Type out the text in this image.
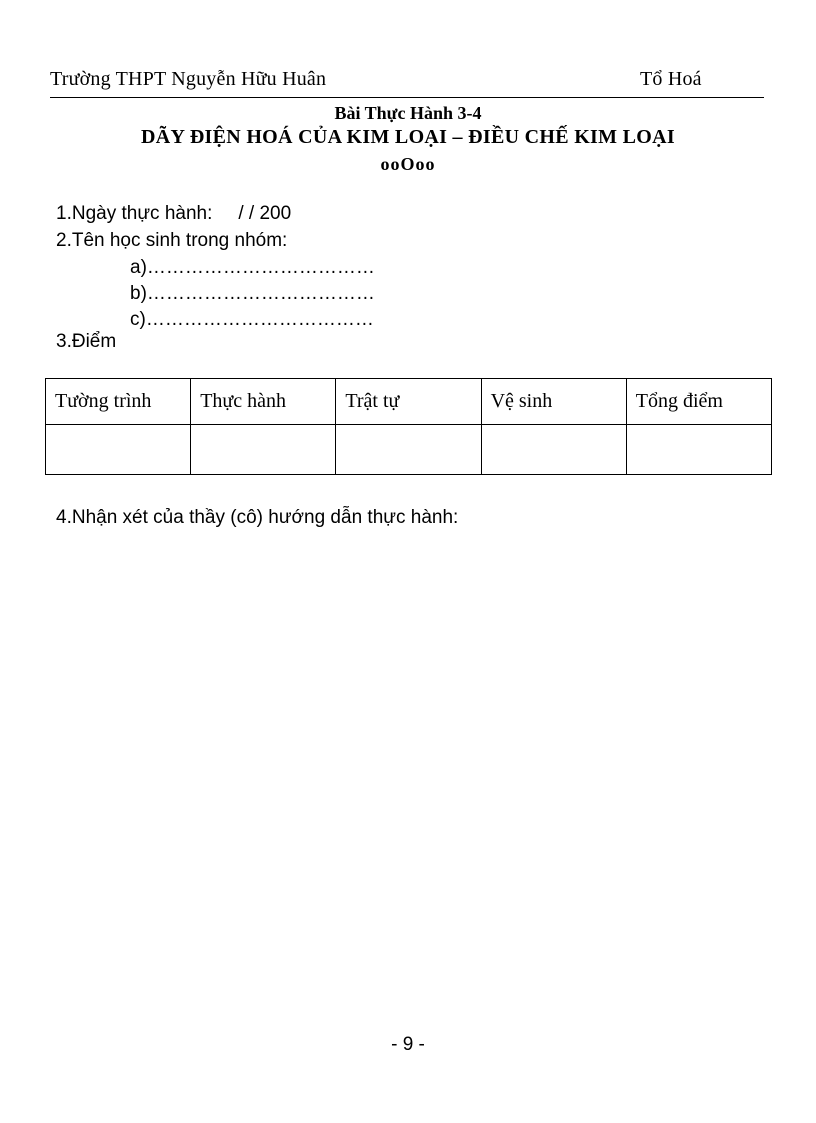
Trường THPT Nguyễn Hữu Huân	Tổ Hoá
Bài Thực Hành 3-4
DÃY ĐIỆN HOÁ CỦA KIM LOẠI – ĐIỀU CHẾ KIM LOẠI
ooOoo
1.Ngày thực hành: / / 200
2.Tên học sinh trong nhóm:
a)………………………………
b)………………………………
c)………………………………
3.Điểm
Tường trình	Thực hành	Trật tự	Vệ sinh	Tổng điểm

4.Nhận xét của thầy (cô) hướng dẫn thực hành:
- 9 -
